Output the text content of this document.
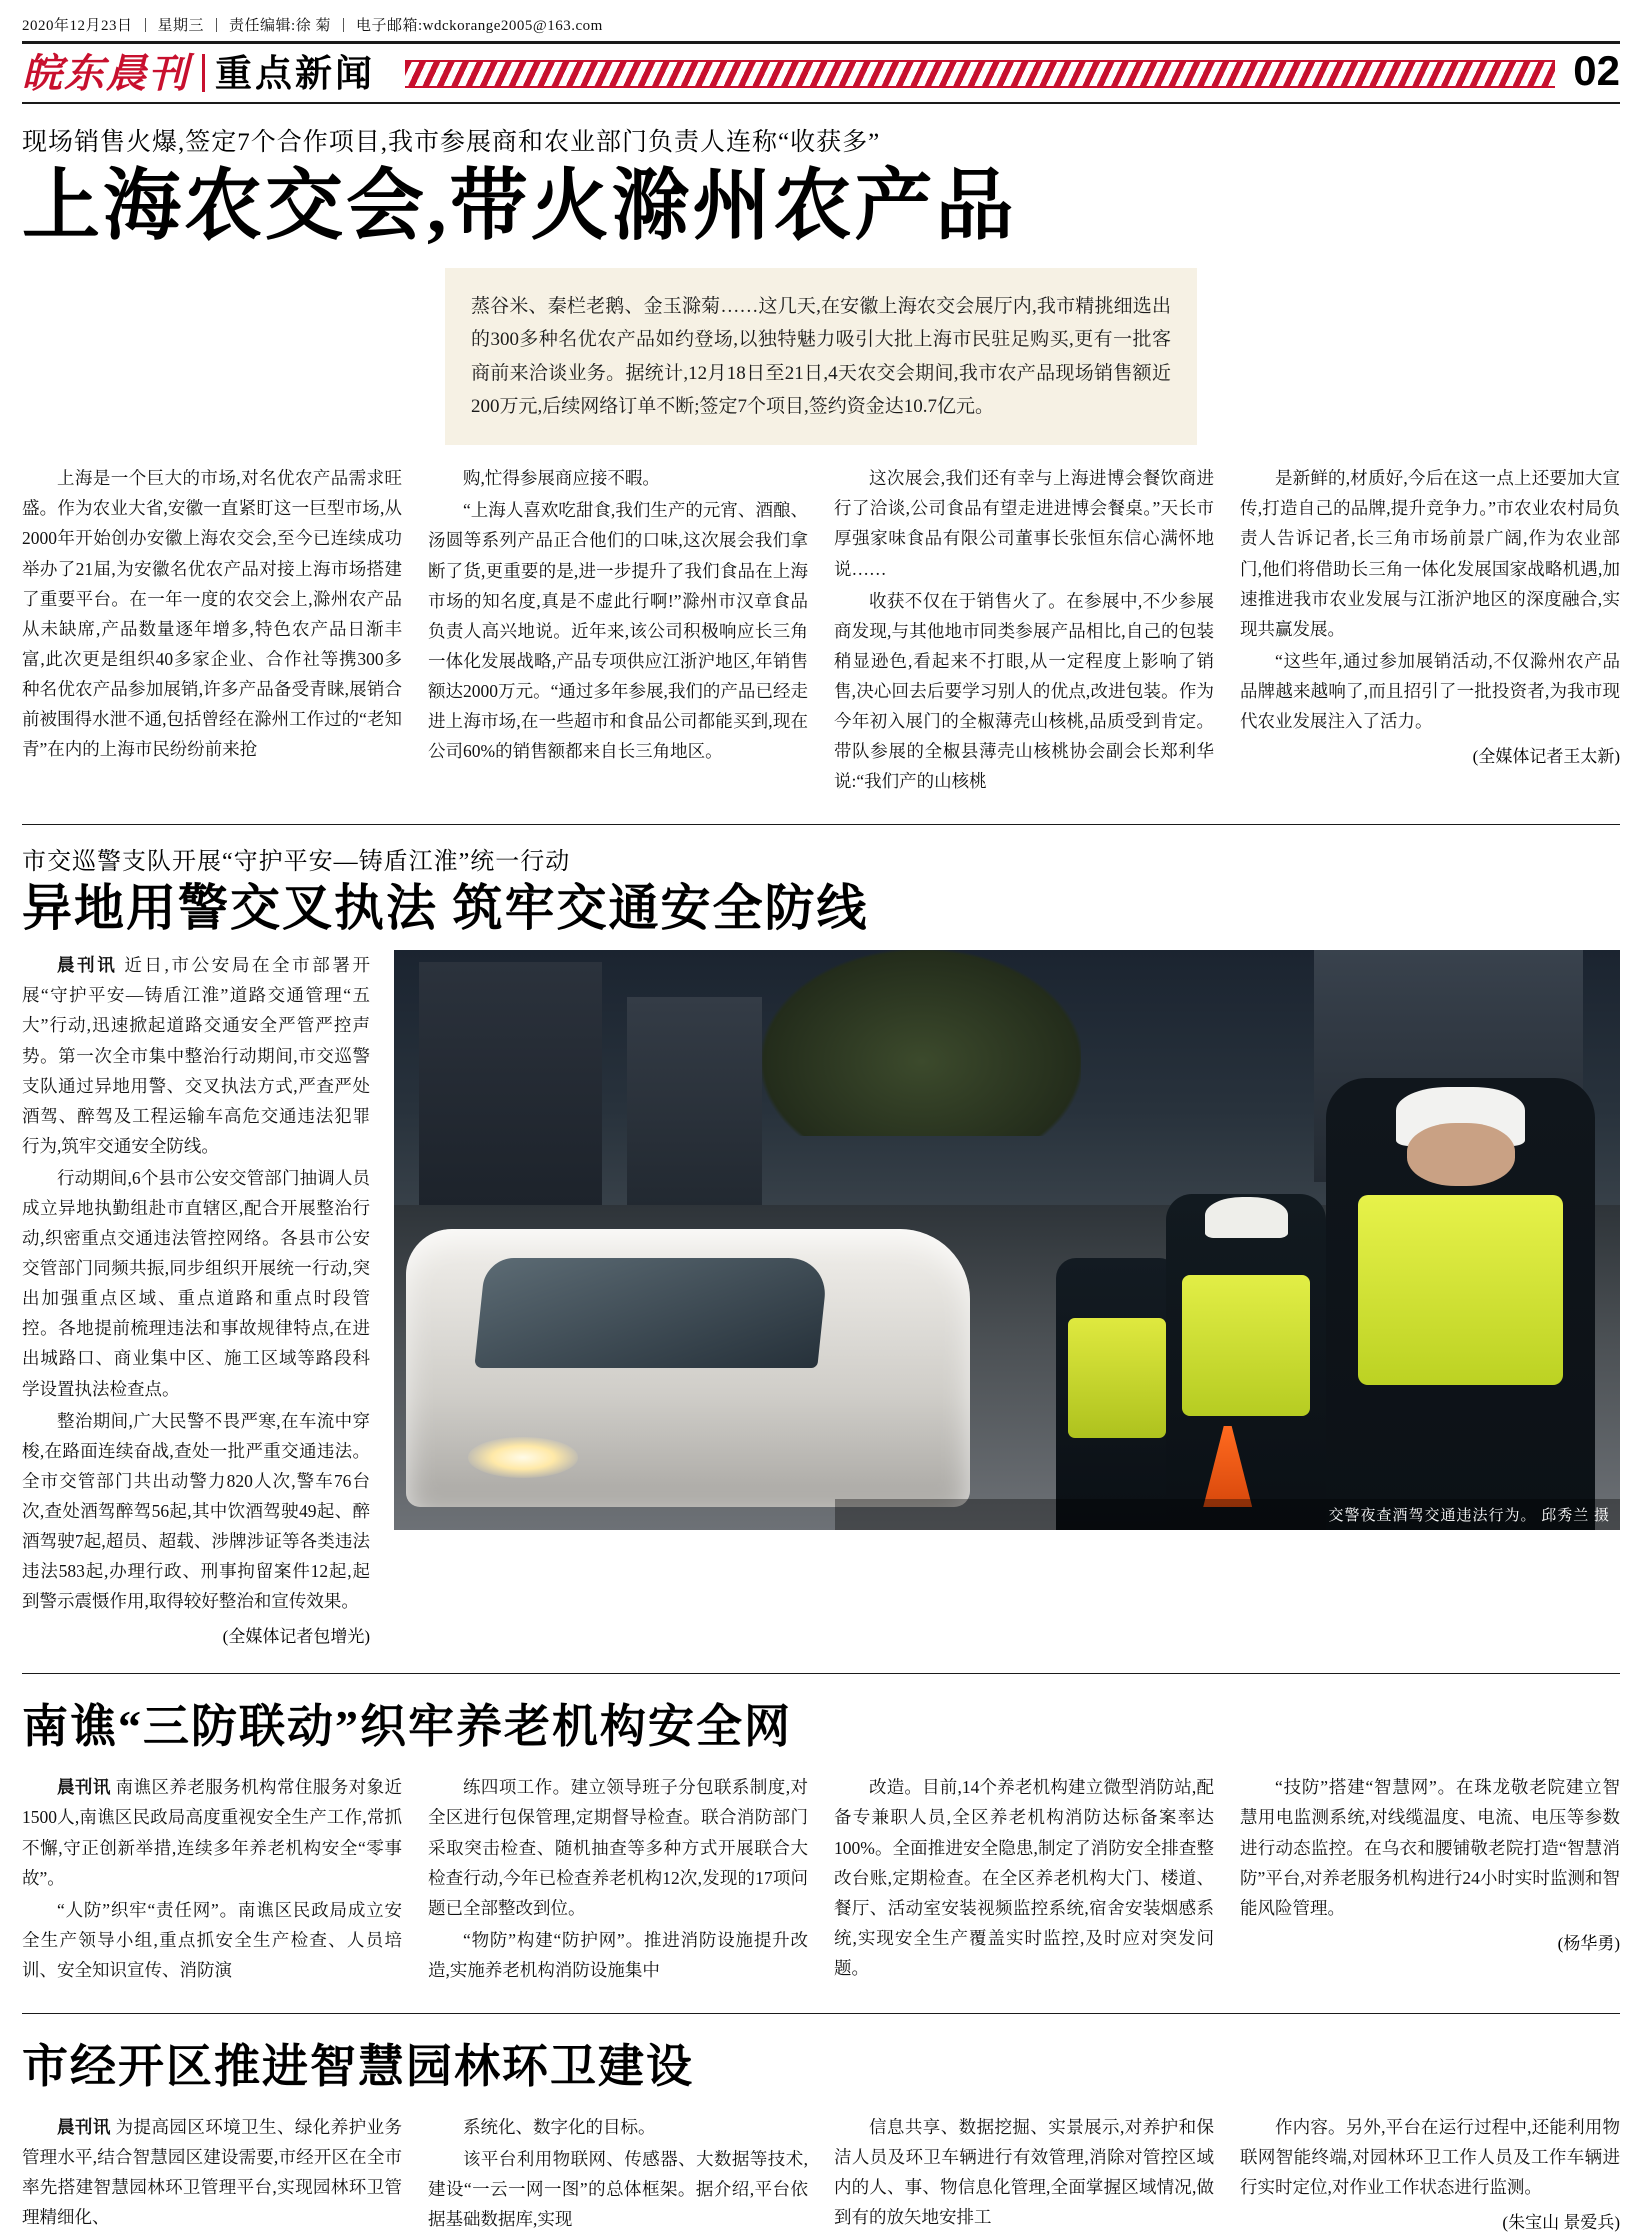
2020年12月23日 星期三 责任编辑:徐 菊 电子邮箱:wdckorange2005@163.com
皖东晨刊 重点新闻	02
现场销售火爆,签定7个合作项目,我市参展商和农业部门负责人连称“收获多”
上海农交会,带火滁州农产品
蒸谷米、秦栏老鹅、金玉滁菊……这几天,在安徽上海农交会展厅内,我市精挑细选出的300多种名优农产品如约登场,以独特魅力吸引大批上海市民驻足购买,更有一批客商前来洽谈业务。据统计,12月18日至21日,4天农交会期间,我市农产品现场销售额近200万元,后续网络订单不断;签定7个项目,签约资金达10.7亿元。

上海是一个巨大的市场,对名优农产品需求旺盛。作为农业大省,安徽一直紧盯这一巨型市场,从2000年开始创办安徽上海农交会,至今已连续成功举办了21届,为安徽名优农产品对接上海市场搭建了重要平台。在一年一度的农交会上,滁州农产品从未缺席,产品数量逐年增多,特色农产品日渐丰富,此次更是组织40多家企业、合作社等携300多种名优农产品参加展销,许多产品备受青睐,展销合前被围得水泄不通,包括曾经在滁州工作过的“老知青”在内的上海市民纷纷前来抢

购,忙得参展商应接不暇。

“上海人喜欢吃甜食,我们生产的元宵、酒酿、汤圆等系列产品正合他们的口味,这次展会我们拿断了货,更重要的是,进一步提升了我们食品在上海市场的知名度,真是不虚此行啊!”滁州市汉章食品负责人高兴地说。近年来,该公司积极响应长三角一体化发展战略,产品专项供应江浙沪地区,年销售额达2000万元。“通过多年参展,我们的产品已经走进上海市场,在一些超市和食品公司都能买到,现在公司60%的销售额都来自长三角地区。

这次展会,我们还有幸与上海进博会餐饮商进行了洽谈,公司食品有望走进进博会餐桌。”天长市厚强家味食品有限公司董事长张恒东信心满怀地说……

收获不仅在于销售火了。在参展中,不少参展商发现,与其他地市同类参展产品相比,自己的包装稍显逊色,看起来不打眼,从一定程度上影响了销售,决心回去后要学习别人的优点,改进包装。作为今年初入展门的全椒薄壳山核桃,品质受到肯定。带队参展的全椒县薄壳山核桃协会副会长郑利华说:“我们产的山核桃

是新鲜的,材质好,今后在这一点上还要加大宣传,打造自己的品牌,提升竞争力。”市农业农村局负责人告诉记者,长三角市场前景广阔,作为农业部门,他们将借助长三角一体化发展国家战略机遇,加速推进我市农业发展与江浙沪地区的深度融合,实现共赢发展。

“这些年,通过参加展销活动,不仅滁州农产品品牌越来越响了,而且招引了一批投资者,为我市现代农业发展注入了活力。

(全媒体记者王太新)
市交巡警支队开展“守护平安—铸盾江淮”统一行动
异地用警交叉执法 筑牢交通安全防线

晨刊讯 近日,市公安局在全市部署开展“守护平安—铸盾江淮”道路交通管理“五大”行动,迅速掀起道路交通安全严管严控声势。第一次全市集中整治行动期间,市交巡警支队通过异地用警、交叉执法方式,严查严处酒驾、醉驾及工程运输车高危交通违法犯罪行为,筑牢交通安全防线。

行动期间,6个县市公安交管部门抽调人员成立异地执勤组赴市直辖区,配合开展整治行动,织密重点交通违法管控网络。各县市公安交管部门同频共振,同步组织开展统一行动,突出加强重点区域、重点道路和重点时段管控。各地提前梳理违法和事故规律特点,在进出城路口、商业集中区、施工区域等路段科学设置执法检查点。

整治期间,广大民警不畏严寒,在车流中穿梭,在路面连续奋战,查处一批严重交通违法。全市交管部门共出动警力820人次,警车76台次,查处酒驾醉驾56起,其中饮酒驾驶49起、醉酒驾驶7起,超员、超载、涉牌涉证等各类违法违法583起,办理行政、刑事拘留案件12起,起到警示震慑作用,取得较好整治和宣传效果。

(全媒体记者包增光)
交警夜查酒驾交通违法行为。 邱秀兰 摄
南谯“三防联动”织牢养老机构安全网

晨刊讯 南谯区养老服务机构常住服务对象近1500人,南谯区民政局高度重视安全生产工作,常抓不懈,守正创新举措,连续多年养老机构安全“零事故”。

“人防”织牢“责任网”。南谯区民政局成立安全生产领导小组,重点抓安全生产检查、人员培训、安全知识宣传、消防演

练四项工作。建立领导班子分包联系制度,对全区进行包保管理,定期督导检查。联合消防部门采取突击检查、随机抽查等多种方式开展联合大检查行动,今年已检查养老机构12次,发现的17项问题已全部整改到位。

“物防”构建“防护网”。推进消防设施提升改造,实施养老机构消防设施集中

改造。目前,14个养老机构建立微型消防站,配备专兼职人员,全区养老机构消防达标备案率达100%。全面推进安全隐患,制定了消防安全排查整改台账,定期检查。在全区养老机构大门、楼道、餐厅、活动室安装视频监控系统,宿舍安装烟感系统,实现安全生产覆盖实时监控,及时应对突发问题。

“技防”搭建“智慧网”。在珠龙敬老院建立智慧用电监测系统,对线缆温度、电流、电压等参数进行动态监控。在乌衣和腰铺敬老院打造“智慧消防”平台,对养老服务机构进行24小时实时监测和智能风险管理。

(杨华勇)
市经开区推进智慧园林环卫建设

晨刊讯 为提高园区环境卫生、绿化养护业务管理水平,结合智慧园区建设需要,市经开区在全市率先搭建智慧园林环卫管理平台,实现园林环卫管理精细化、

系统化、数字化的目标。

该平台利用物联网、传感器、大数据等技术,建设“一云一网一图”的总体框架。据介绍,平台依据基础数据库,实现

信息共享、数据挖掘、实景展示,对养护和保洁人员及环卫车辆进行有效管理,消除对管控区域内的人、事、物信息化管理,全面掌握区域情况,做到有的放矢地安排工

作内容。另外,平台在运行过程中,还能利用物联网智能终端,对园林环卫工作人员及工作车辆进行实时定位,对作业工作状态进行监测。

(朱宝山 景爱兵)
